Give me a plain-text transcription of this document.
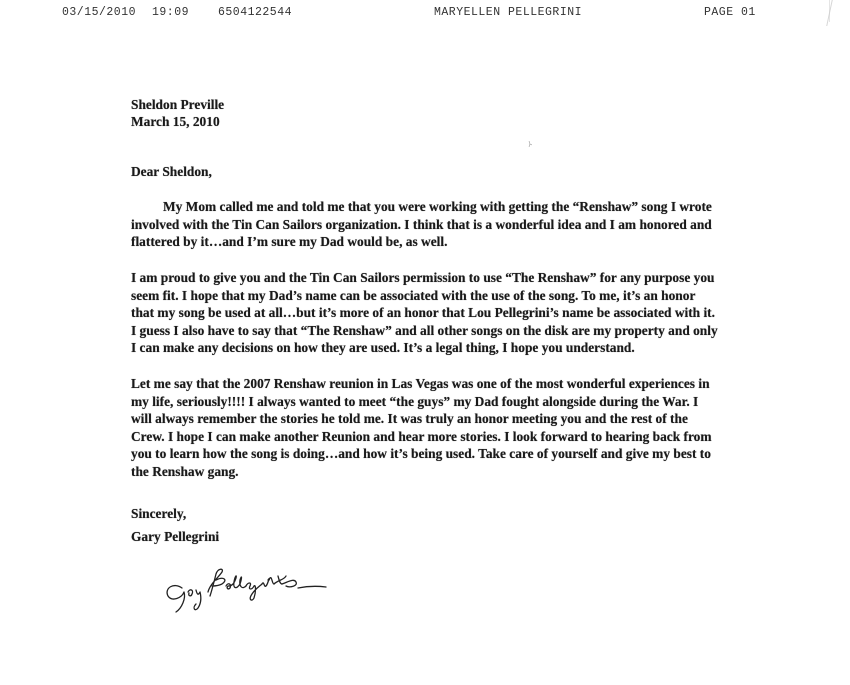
03/15/2010 19:09	6504122544	MARYELLEN PELLEGRINI	PAGE 01

Sheldon Preville

March 15, 2010

Dear Sheldon,

My Mom called me and told me that you were working with getting the “Renshaw” song I wrote involved with the Tin Can Sailors organization. I think that is a wonderful idea and I am honored and flattered by it…and I’m sure my Dad would be, as well.

I am proud to give you and the Tin Can Sailors permission to use “The Renshaw” for any purpose you seem fit. I hope that my Dad’s name can be associated with the use of the song. To me, it’s an honor that my song be used at all…but it’s more of an honor that Lou Pellegrini’s name be associated with it. I guess I also have to say that “The Renshaw” and all other songs on the disk are my property and only I can make any decisions on how they are used. It’s a legal thing, I hope you understand.

Let me say that the 2007 Renshaw reunion in Las Vegas was one of the most wonderful experiences in my life, seriously!!!! I always wanted to meet “the guys” my Dad fought alongside during the War. I will always remember the stories he told me. It was truly an honor meeting you and the rest of the Crew. I hope I can make another Reunion and hear more stories. I look forward to hearing back from you to learn how the song is doing…and how it’s being used. Take care of yourself and give my best to the Renshaw gang.

Sincerely,
Gary Pellegrini
